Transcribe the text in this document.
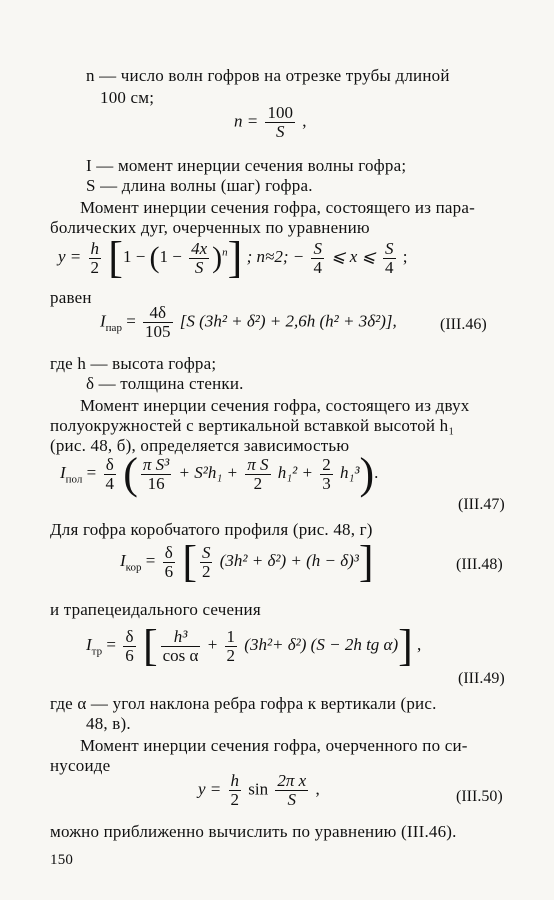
n — число волн гофров на отрезке трубы длиной
100 см;
$n = \frac{100}{S}$ ,
I — момент инерции сечения волны гофра;
S — длина волны (шаг) гофра.
Момент инерции сечения гофра, состоящего из пара-
болических дуг, очерченных по уравнению
$y = \frac{h}{2} [1 - (1 - \frac{4x}{S} )^n]$ ; n≈2; − $\frac{S}{4}$ ⩽ x ⩽ $\frac{S}{4}$ ;
равен
$I_{пар} = \frac{4\delta}{105} [S$ (3h² + δ²) + 2,6h (h² + 3δ²)],	(III.46)
где h — высота гофра;
δ — толщина стенки.
Момент инерции сечения гофра, состоящего из двух
полуокружностей с вертикальной вставкой высотой h₁
(рис. 48, б), определяется зависимостью
$I_{пол} = \frac{\delta}{4}$ ( $\frac{\text{π S³}}{16} + S^2h_1 + \frac{\text{π S}}{2} h_1^2 + \frac{2}{3} h_1^3$).
(III.47)
Для гофра коробчатого профиля (рис. 48, г)
$I_{кор} = \frac{\delta}{6}$ [ $\frac{S}{2} (3h^2 + \delta^2) + (h - \delta)^3$]	(III.48)
и трапецеидального сечения
$I_{тр} = \frac{\delta}{6}$ [ $\frac{\text{h³}}{\text{cos α}} + \frac{1}{2} (3h^2+ \delta^2) (S - 2h$ tg α)] ,
(III.49)
где α — угол наклона ребра гофра к вертикали (рис.
48, в).
Момент инерции сечения гофра, очерченного по си-
нусоиде
$y = \frac{h}{2}$ $\sin \frac{\text{2π x}}{S}$ ,	(III.50)
можно приближенно вычислить по уравнению (III.46).
150
